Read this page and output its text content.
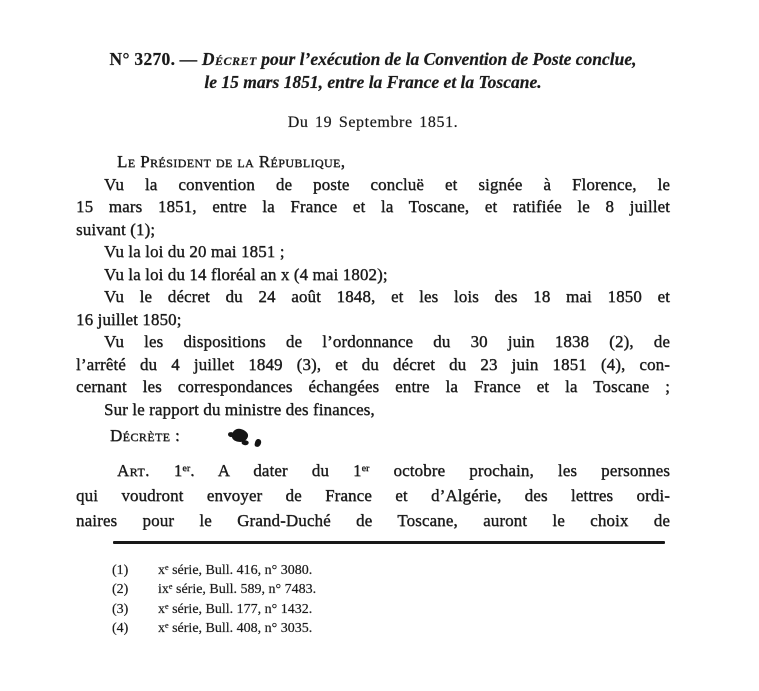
N° 3270. — Décret pour l’exécution de la Convention de Poste conclue,
le 15 mars 1851, entre la France et la Toscane.
Du 19 Septembre 1851.

Le Président de la République,

Vu la convention de poste concluë et signée à Florence, le

15 mars 1851, entre la France et la Toscane, et ratifiée le 8 juillet

suivant (1);

Vu la loi du 20 mai 1851 ;

Vu la loi du 14 floréal an x (4 mai 1802);

Vu le décret du 24 août 1848, et les lois des 18 mai 1850 et

16 juillet 1850;

Vu les dispositions de l’ordonnance du 30 juin 1838 (2), de

l’arrêté du 4 juillet 1849 (3), et du décret du 23 juin 1851 (4), con-

cernant les correspondances échangées entre la France et la Toscane ;

Sur le rapport du ministre des finances,

Décrète :

Art. 1er. A dater du 1er octobre prochain, les personnes

qui voudront envoyer de France et d’Algérie, des lettres ordi-

naires pour le Grand-Duché de Toscane, auront le choix de

(1) $x^e$ série, Bull. 416, n° 3080.

(2) $ix^e$ série, Bull. 589, n° 7483.

(3) $x^e$ série, Bull. 177, n° 1432.

(4) $x^e$ série, Bull. 408, n° 3035.
